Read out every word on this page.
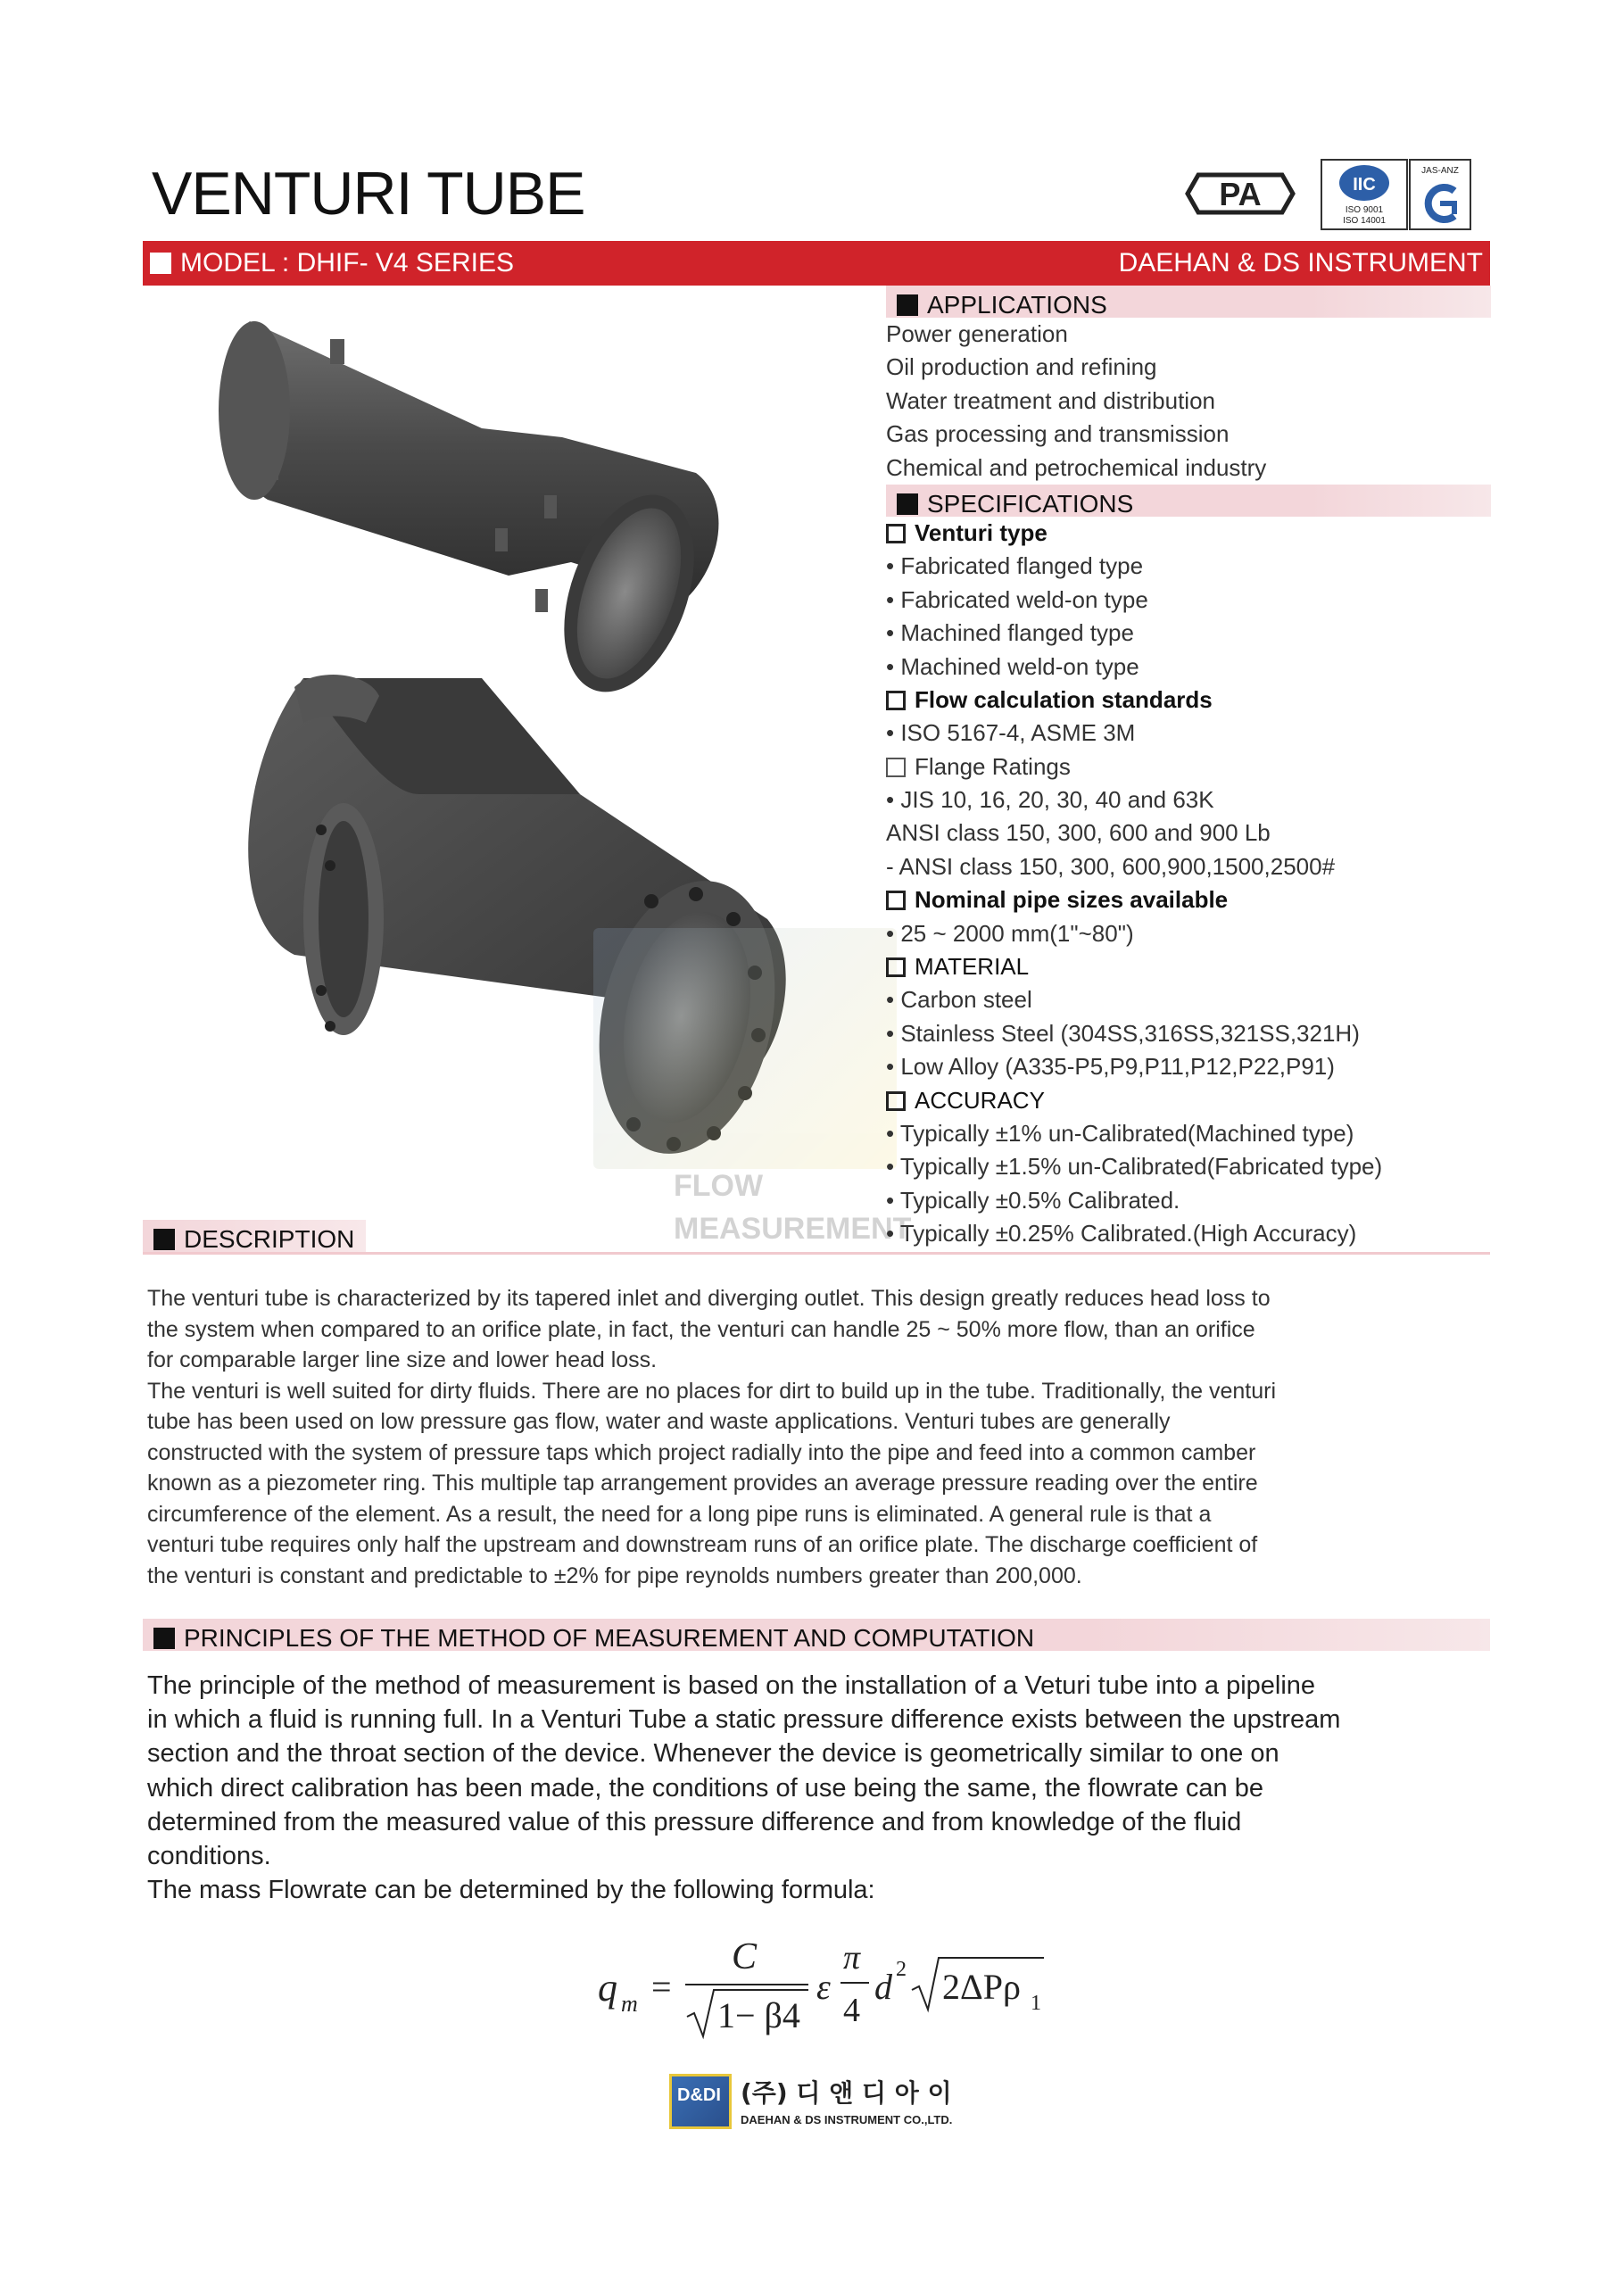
VENTURI TUBE	PA	IIC
ISO 9001
ISO 14001
JAS-ANZ
MODEL : DHIF- V4 SERIES	DAEHAN & DS INSTRUMENT
FLOW
MEASUREMENT
APPLICATIONS
Power generation
Oil production and refining
Water treatment and distribution
Gas processing and transmission
Chemical and petrochemical industry
SPECIFICATIONS
Venturi type
• Fabricated flanged type
• Fabricated weld-on type
• Machined flanged type
• Machined weld-on type
Flow calculation standards
• ISO 5167-4, ASME 3M
Flange Ratings
• JIS 10, 16, 20, 30, 40 and 63K
ANSI class 150, 300, 600 and 900 Lb
- ANSI class 150, 300, 600,900,1500,2500#
Nominal pipe sizes available
• 25 ~ 2000 mm(1"~80")
MATERIAL
• Carbon steel
• Stainless Steel (304SS,316SS,321SS,321H)
• Low Alloy (A335-P5,P9,P11,P12,P22,P91)
ACCURACY
• Typically ±1% un-Calibrated(Machined type)
• Typically ±1.5% un-Calibrated(Fabricated type)
• Typically ±0.5% Calibrated.
• Typically ±0.25% Calibrated.(High Accuracy)
DESCRIPTION
The venturi tube is characterized by its tapered inlet and diverging outlet. This design greatly reduces head loss to
the system when compared to an orifice plate, in fact, the venturi can handle 25 ~ 50% more flow, than an orifice
for comparable larger line size and lower head loss.
The venturi is well suited for dirty fluids. There are no places for dirt to build up in the tube. Traditionally, the venturi
tube has been used on low pressure gas flow, water and waste applications. Venturi tubes are generally
constructed with the system of pressure taps which project radially into the pipe and feed into a common camber
known as a piezometer ring. This multiple tap arrangement provides an average pressure reading over the entire
circumference of the element. As a result, the need for a long pipe runs is eliminated. A general rule is that a
venturi tube requires only half the upstream and downstream runs of an orifice plate. The discharge coefficient of
the venturi is constant and predictable to ±2% for pipe reynolds numbers greater than 200,000.
PRINCIPLES OF THE METHOD OF MEASUREMENT AND COMPUTATION
The principle of the method of measurement is based on the installation of a Veturi tube into a pipeline
in which a fluid is running full. In a Venturi Tube a static pressure difference exists between the upstream
section and the throat section of the device. Whenever the device is geometrically similar to one on
which direct calibration has been made, the conditions of use being the same, the flowrate can be
determined from the measured value of this pressure difference and from knowledge of the fluid
conditions.
The mass Flowrate can be determined by the following formula:
q m =
C
1− β4
ε
π
4
d 2 2ΔPρ 1
D&DI (주) 디 앤 디 아 이
DAEHAN & DS INSTRUMENT CO.,LTD.
